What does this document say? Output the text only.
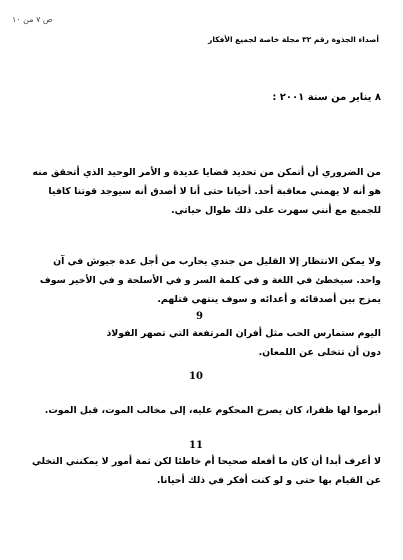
ص ٧ من ١٠
أصداء الجذوة رقم ٣٢ مجلة خاصة لجميع الأفكار
٨ يناير من سنة ٢٠٠١ :
من الضروري أن أتمكن من تحديد قضايا عديدة و الأمر الوحيد الذي أتحقق منه
هو أنه لا يهمني معاقبة أحد. أحيانا حتى أنا لا أصدق أنه سيوجد قوتنا كافيا
للجميع مع أنني سهرت على ذلك طوال حياتي.
ولا يمكن الانتظار إلا القليل من جندي يحارب من أجل عدة جيوش في آن
واحد. سيخطئ في اللغة و في كلمة السر و في الأسلحة و في الأخير سوف
يمزج بين أصدقائه و أعدائه و سوف ينتهي قتلهم.
9
اليوم ستمارس الحب مثل أفران المرتفعة التي تصهر الفولاذ
دون أن تتخلى عن اللمعان.
10
أبرموا لها ظفرا، كان يصرخ المحكوم عليه، إلى مخالب الموت، قبل الموت.
11
لا أعرف أبدا أن كان ما أفعله صحيحا أم خاطئا لكن ثمة أمور لا يمكنني التخلي
عن القيام بها حتى و لو كنت أفكر في ذلك أحيانا.
